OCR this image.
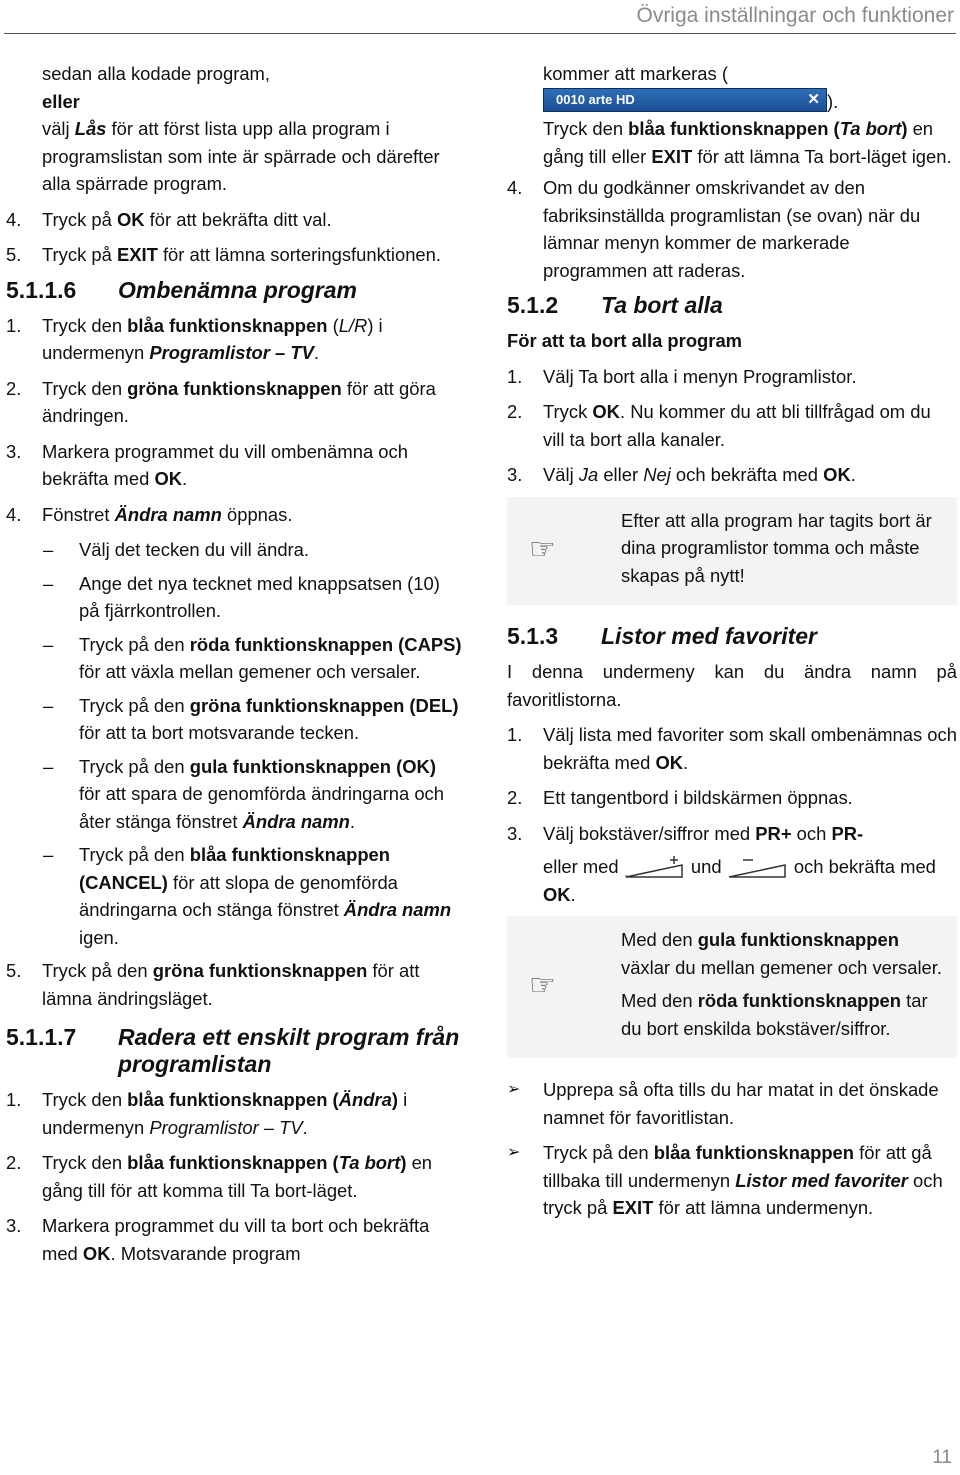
Övriga inställningar och funktioner
sedan alla kodade program,
eller
välj Lås för att först lista upp alla program i programslistan som inte är spärrade och därefter alla spärrade program.
4. Tryck på OK för att bekräfta ditt val.
5. Tryck på EXIT för att lämna sorteringsfunktionen.
5.1.1.6 Ombenämna program
1. Tryck den blåa funktionsknappen (L/R) i undermenyn Programlistor – TV.
2. Tryck den gröna funktionsknappen för att göra ändringen.
3. Markera programmet du vill ombenämna och bekräfta med OK.
4. Fönstret Ändra namn öppnas.
– Välj det tecken du vill ändra.
– Ange det nya tecknet med knappsatsen (10) på fjärrkontrollen.
– Tryck på den röda funktionsknappen (CAPS) för att växla mellan gemener och versaler.
– Tryck på den gröna funktionsknappen (DEL) för att ta bort motsvarande tecken.
– Tryck på den gula funktionsknappen (OK) för att spara de genomförda ändringarna och åter stänga fönstret Ändra namn.
– Tryck på den blåa funktionsknappen (CANCEL) för att slopa de genomförda ändringarna och stänga fönstret Ändra namn igen.
5. Tryck på den gröna funktionsknappen för att lämna ändringsläget.
5.1.1.7 Radera ett enskilt program från programlistan
1. Tryck den blåa funktionsknappen (Ändra) i undermenyn Programlistor – TV.
2. Tryck den blåa funktionsknappen (Ta bort) en gång till för att komma till Ta bort-läget.
3. Markera programmet du vill ta bort och bekräfta med OK. Motsvarande program
kommer att markeras (
0010 arte HD	✕ ).
Tryck den blåa funktionsknappen (Ta bort) en gång till eller EXIT för att lämna Ta bort-läget igen.
4. Om du godkänner omskrivandet av den fabriksinställda programlistan (se ovan) när du lämnar menyn kommer de markerade programmen att raderas.
5.1.2 Ta bort alla
För att ta bort alla program
1. Välj Ta bort alla i menyn Programlistor.
2. Tryck OK. Nu kommer du att bli tillfrågad om du vill ta bort alla kanaler.
3. Välj Ja eller Nej och bekräfta med OK.
☞

Efter att alla program har tagits bort är dina programlistor tomma och måste skapas på nytt!

5.1.3 Listor med favoriter
I denna undermeny kan du ändra namn på favoritlistorna.
1. Välj lista med favoriter som skall ombenämnas och bekräfta med OK.
2. Ett tangentbord i bildskärmen öppnas.
3. Välj bokstäver/siffror med PR+ och PR-
eller med	und	och bekräfta med OK.
☞

Med den gula funktionsknappen växlar du mellan gemener och versaler.

Med den röda funktionsknappen tar du bort enskilda bokstäver/siffror.

➢ Upprepa så ofta tills du har matat in det önskade namnet för favoritlistan.
➢ Tryck på den blåa funktionsknappen för att gå tillbaka till undermenyn Listor med favoriter och tryck på EXIT för att lämna undermenyn.
11
